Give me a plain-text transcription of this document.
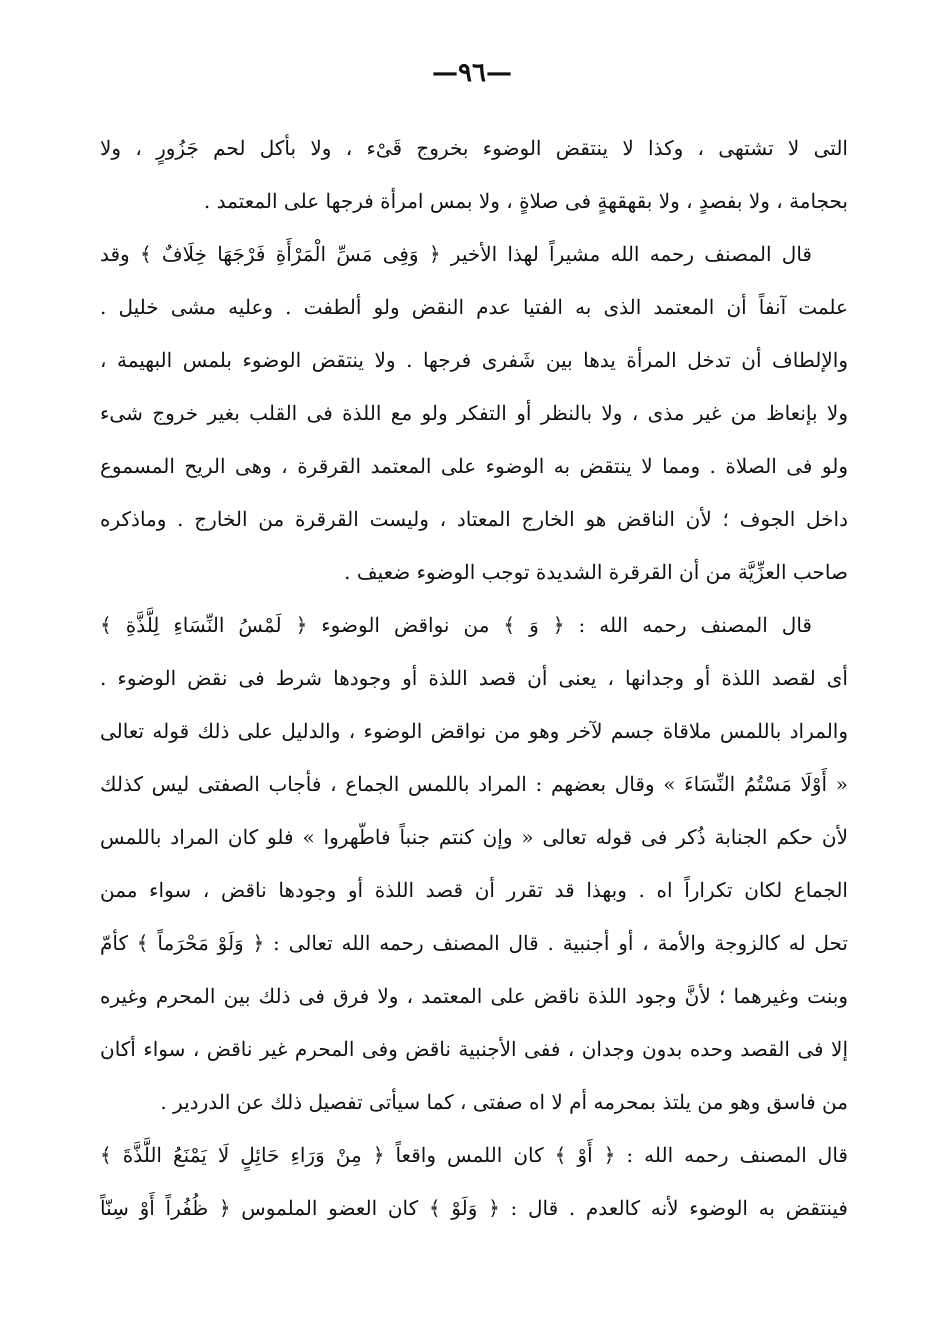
—٩٦—
التى لا تشتهى ، وكذا لا ينتقض الوضوء بخروج قَىْء ، ولا بأكل لحم جَزُورٍ ، ولا
بحجامة ، ولا بفصدٍ ، ولا بقهقهةٍ فى صلاةٍ ، ولا بمس امرأة فرجها على المعتمد .
قال المصنف رحمه الله مشيراً لهذا الأخير ﴿ وَفِى مَسِّ الْمَرْأَةِ فَرْجَهَا خِلَافٌ ﴾ وقد
علمت آنفاً أن المعتمد الذى به الفتيا عدم النقض ولو ألطفت . وعليه مشى خليل .
والإلطاف أن تدخل المرأة يدها بين شَفرى فرجها . ولا ينتقض الوضوء بلمس البهيمة ،
ولا بإنعاظ من غير مذى ، ولا بالنظر أو التفكر ولو مع اللذة فى القلب بغير خروج شىء
ولو فى الصلاة . ومما لا ينتقض به الوضوء على المعتمد القرقرة ، وهى الريح المسموع
داخل الجوف ؛ لأن الناقض هو الخارج المعتاد ، وليست القرقرة من الخارج . وماذكره
صاحب العزِّيَّة من أن القرقرة الشديدة توجب الوضوء ضعيف .
قال المصنف رحمه الله : ﴿ وَ ﴾ من نواقض الوضوء ﴿ لَمْسُ النِّسَاءِ لِلَّذَّةِ ﴾
أى لقصد اللذة أو وجدانها ، يعنى أن قصد اللذة أو وجودها شرط فى نقض الوضوء .
والمراد باللمس ملاقاة جسم لآخر وهو من نواقض الوضوء ، والدليل على ذلك قوله تعالى
« أَوْلَا مَسْتُمُ النِّسَاءَ » وقال بعضهم : المراد باللمس الجماع ، فأجاب الصفتى ليس كذلك
لأن حكم الجنابة ذُكر فى قوله تعالى « وإن كنتم جنباً فاطّهروا » فلو كان المراد باللمس
الجماع لكان تكراراً اه . وبهذا قد تقرر أن قصد اللذة أو وجودها ناقض ، سواء ممن
تحل له كالزوجة والأمة ، أو أجنبية . قال المصنف رحمه الله تعالى : ﴿ وَلَوْ مَحْرَماً ﴾ كأمّ
وبنت وغيرهما ؛ لأنَّ وجود اللذة ناقض على المعتمد ، ولا فرق فى ذلك بين المحرم وغيره
إلا فى القصد وحده بدون وجدان ، ففى الأجنبية ناقض وفى المحرم غير ناقض ، سواء أكان
من فاسق وهو من يلتذ بمحرمه أم لا اه صفتى ، كما سيأتى تفصيل ذلك عن الدردير .
قال المصنف رحمه الله : ﴿ أَوْ ﴾ كان اللمس واقعاً ﴿ مِنْ وَرَاءِ حَائِلٍ لَا يَمْنَعُ اللَّذَّةَ ﴾
فينتقض به الوضوء لأنه كالعدم . قال : ﴿ وَلَوْ ﴾ كان العضو الملموس ﴿ ظُفُراً أَوْ سِنّاً
